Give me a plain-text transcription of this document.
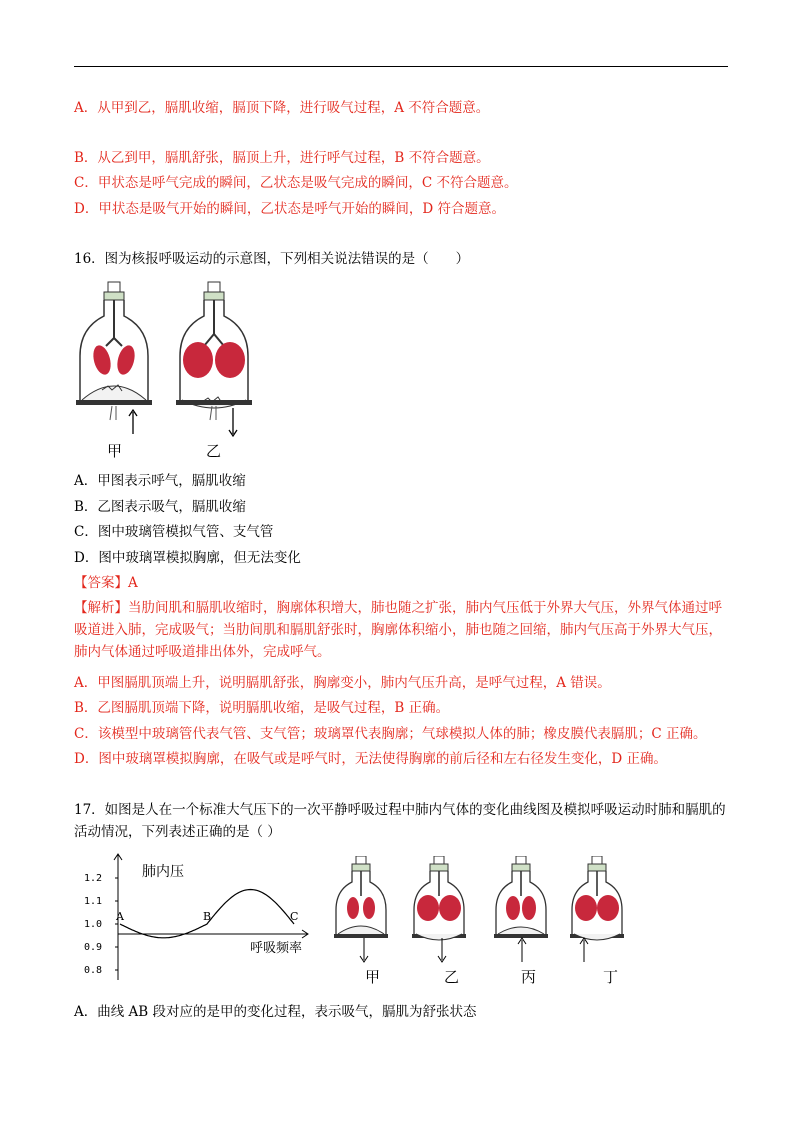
A．从甲到乙，膈肌收缩，膈顶下降，进行吸气过程，A 不符合题意。
B．从乙到甲，膈肌舒张，膈顶上升，进行呼气过程，B 不符合题意。
C．甲状态是呼气完成的瞬间，乙状态是吸气完成的瞬间，C 不符合题意。
D．甲状态是吸气开始的瞬间，乙状态是呼气开始的瞬间，D 符合题意。
16．图为核报呼吸运动的示意图，下列相关说法错误的是（　　）
甲	乙
A．甲图表示呼气，膈肌收缩
B．乙图表示吸气，膈肌收缩
C．图中玻璃管模拟气管、支气管
D．图中玻璃罩模拟胸廓，但无法变化
【答案】A
【解析】当肋间肌和膈肌收缩时，胸廓体积增大，肺也随之扩张，肺内气压低于外界大气压，外界气体通过呼吸道进入肺，完成吸气；当肋间肌和膈肌舒张时，胸廓体积缩小，肺也随之回缩，肺内气压高于外界大气压，肺内气体通过呼吸道排出体外，完成呼气。
A．甲图膈肌顶端上升，说明膈肌舒张，胸廓变小，肺内气压升高，是呼气过程，A 错误。
B．乙图膈肌顶端下降，说明膈肌收缩，是吸气过程，B 正确。
C．该模型中玻璃管代表气管、支气管；玻璃罩代表胸廓；气球模拟人体的肺；橡皮膜代表膈肌；C 正确。
D．图中玻璃罩模拟胸廓，在吸气或是呼气时，无法使得胸廓的前后径和左右径发生变化，D 正确。
17．如图是人在一个标准大气压下的一次平静呼吸过程中肺内气体的变化曲线图及模拟呼吸运动时肺和膈肌的活动情况，下列表述正确的是（ ）
肺内压
1.2
1.1
1.0
0.9
0.8
A	B	C
呼吸频率
甲	乙	丙	丁
A．曲线 AB 段对应的是甲的变化过程，表示吸气，膈肌为舒张状态
